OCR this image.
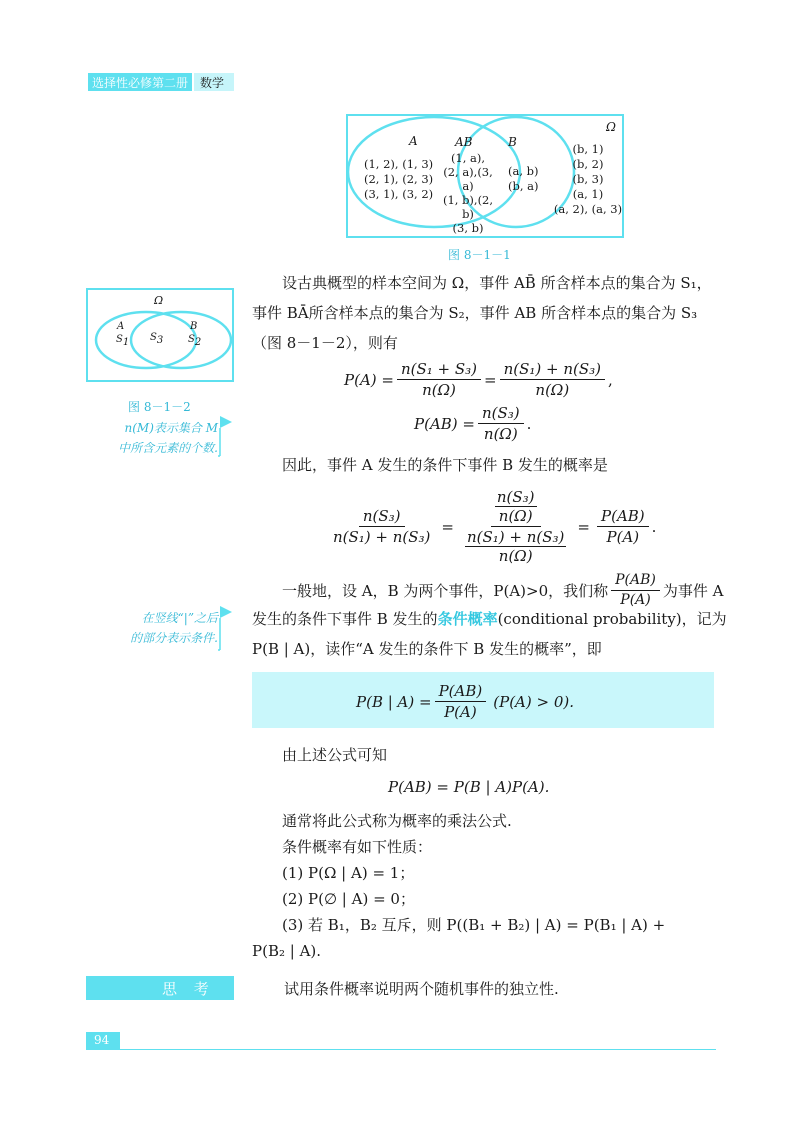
选择性必修第二册 数学
Ω
A	AB	B
(1, 2), (1, 3)
(2, 1), (2, 3)
(3, 1), (3, 2)
(1, a),
(2, a),(3, a)
(1, b),(2, b)
(3, b)
(a, b)
(b, a)
(b, 1)
(b, 2)
(b, 3)
(a, 1)
(a, 2), (a, 3)
图 8－1－1
Ω
A
$S_1$ $S_3$
B
$S_2$
图 8－1－2
n(M)表示集合 M
中所含元素的个数.
设古典概型的样本空间为 Ω，事件 AB̄ 所含样本点的集合为 S₁，
事件 BĀ所含样本点的集合为 S₂，事件 AB 所含样本点的集合为 S₃
（图 8－1－2），则有
$P(A) = \frac{\text{n(S₁ + S₃)}}{n(\Omega)} = \frac{\text{n(S₁) + n(S₃)}}{n(\Omega)}$ ,
$P(AB) = \frac{\text{n(S₃)}}{n(\Omega)}$ .
因此，事件 A 发生的条件下事件 B 发生的概率是
$\frac{\text{n(S₃)}}{\text{n(S₁) + n(S₃)}} = n(S_3)$
n(Ω)
n(S₁) + n(S₃)
$n(\Omega) = \frac{P(AB)}{P(A)}$ .
一般地，设 A，B 为两个事件，P(A)>0，我们称 $\frac{P(AB)}{P(A)}$ 为事件 A
发生的条件下事件 B 发生的条件概率(conditional probability)，记为
P(B | A)，读作“A 发生的条件下 B 发生的概率”，即
在竖线“|”之后
的部分表示条件.
P(B | $A) = \frac{P(AB)}{P(A)} (P(A) > 0)$.
由上述公式可知
P(AB) = P(B | A)P(A).
通常将此公式称为概率的乘法公式.
条件概率有如下性质：
(1) P(Ω | A) = 1；
(2) P(∅ | A) = 0；
(3) 若 B₁，B₂ 互斥，则 P((B₁ + B₂) | A) = P(B₁ | A) +
P(B₂ | A).
思 考	试用条件概率说明两个随机事件的独立性.
94
